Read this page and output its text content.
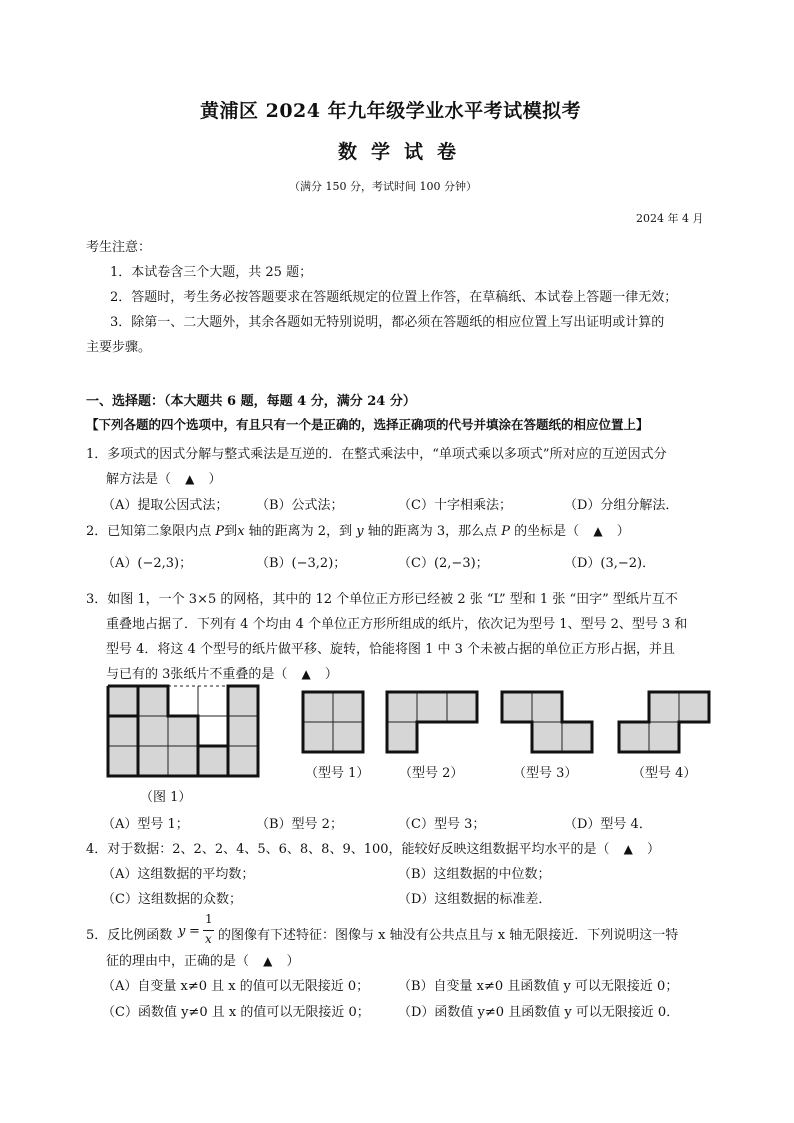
黄浦区 2024 年九年级学业水平考试模拟考
数学试卷
（满分 150 分，考试时间 100 分钟）
2024 年 4 月
考生注意：
1．本试卷含三个大题，共 25 题；
2．答题时，考生务必按答题要求在答题纸规定的位置上作答，在草稿纸、本试卷上答题一律无效；
3．除第一、二大题外，其余各题如无特别说明，都必须在答题纸的相应位置上写出证明或计算的
主要步骤。
一、选择题：（本大题共 6 题，每题 4 分，满分 24 分）
【下列各题的四个选项中，有且只有一个是正确的，选择正确项的代号并填涂在答题纸的相应位置上】
1．多项式的因式分解与整式乘法是互逆的．在整式乘法中，“单项式乘以多项式”所对应的互逆因式分
解方法是（ ▲ ）
（A）提取公因式法； （B）公式法；	（C）十字相乘法；	（D）分组分解法．
2．已知第二象限内点 P到x 轴的距离为 2，到 y 轴的距离为 3，那么点 P 的坐标是（ ▲ ）
（A）(−2,3)；	（B）(−3,2)；	（C）(2,−3)；	（D）(3,−2)．
3．如图 1，一个 3×5 的网格，其中的 12 个单位正方形已经被 2 张 “L” 型和 1 张 “田字” 型纸片互不
重叠地占据了．下列有 4 个均由 4 个单位正方形所组成的纸片，依次记为型号 1、型号 2、型号 3 和
型号 4．将这 4 个型号的纸片做平移、旋转，恰能将图 1 中 3 个未被占据的单位正方形占据，并且
与已有的 3张纸片不重叠的是（ ▲ ）
（图 1）
（型号 1） （型号 2）	（型号 3）	（型号 4）
（A）型号 1；	（B）型号 2；	（C）型号 3；	（D）型号 4．
4．对于数据：2、2、2、4、5、6、8、8、9、100，能较好反映这组数据平均水平的是（ ▲ ）
（A）这组数据的平均数；	（B）这组数据的中位数；
（C）这组数据的众数；	（D）这组数据的标准差．
5．反比例函数 y =
1
x 的图像有下述特征：图像与 x 轴没有公共点且与 x 轴无限接近．下列说明这一特
征的理由中，正确的是（ ▲ ）
（A）自变量 x≠0 且 x 的值可以无限接近 0； （B）自变量 x≠0 且函数值 y 可以无限接近 0；
（C）函数值 y≠0 且 x 的值可以无限接近 0； （D）函数值 y≠0 且函数值 y 可以无限接近 0．
